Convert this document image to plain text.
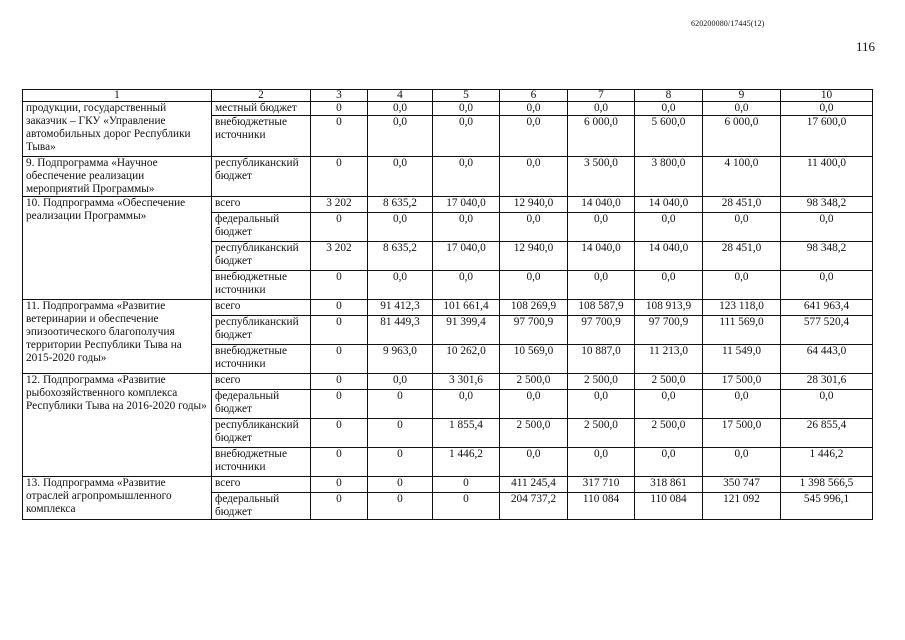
620200080/17445(12)
116
1	2	3	4	5	6	7	8	9	10
продукции, государственный заказчик – ГКУ «Управление автомобильных дорог Республики Тыва»	местный бюджет	0	0,0	0,0	0,0	0,0	0,0	0,0	0,0
	внебюджетные источники	0	0,0	0,0	0,0	6 000,0	5 600,0	6 000,0	17 600,0
9. Подпрограмма «Научное обеспечение реализации мероприятий Программы»	республиканский бюджет	0	0,0	0,0	0,0	3 500,0	3 800,0	4 100,0	11 400,0
10. Подпрограмма «Обеспечение реализации Программы»	всего	3 202	8 635,2	17 040,0	12 940,0	14 040,0	14 040,0	28 451,0	98 348,2
	федеральный бюджет	0	0,0	0,0	0,0	0,0	0,0	0,0	0,0
	республиканский бюджет	3 202	8 635,2	17 040,0	12 940,0	14 040,0	14 040,0	28 451,0	98 348,2
	внебюджетные источники	0	0,0	0,0	0,0	0,0	0,0	0,0	0,0
11. Подпрограмма «Развитие ветеринарии и обеспечение эпизоотического благополучия территории Республики Тыва на 2015-2020 годы»	всего	0	91 412,3	101 661,4	108 269,9	108 587,9	108 913,9	123 118,0	641 963,4
	республиканский бюджет	0	81 449,3	91 399,4	97 700,9	97 700,9	97 700,9	111 569,0	577 520,4
	внебюджетные источники	0	9 963,0	10 262,0	10 569,0	10 887,0	11 213,0	11 549,0	64 443,0
12. Подпрограмма «Развитие рыбохозяйственного комплекса Республики Тыва на 2016-2020 годы»	всего	0	0,0	3 301,6	2 500,0	2 500,0	2 500,0	17 500,0	28 301,6
	федеральный бюджет	0	0	0,0	0,0	0,0	0,0	0,0	0,0
	республиканский бюджет	0	0	1 855,4	2 500,0	2 500,0	2 500,0	17 500,0	26 855,4
	внебюджетные источники	0	0	1 446,2	0,0	0,0	0,0	0,0	1 446,2
13. Подпрограмма «Развитие отраслей агропромышленного комплекса	всего	0	0	0	411 245,4	317 710	318 861	350 747	1 398 566,5
	федеральный бюджет	0	0	0	204 737,2	110 084	110 084	121 092	545 996,1
